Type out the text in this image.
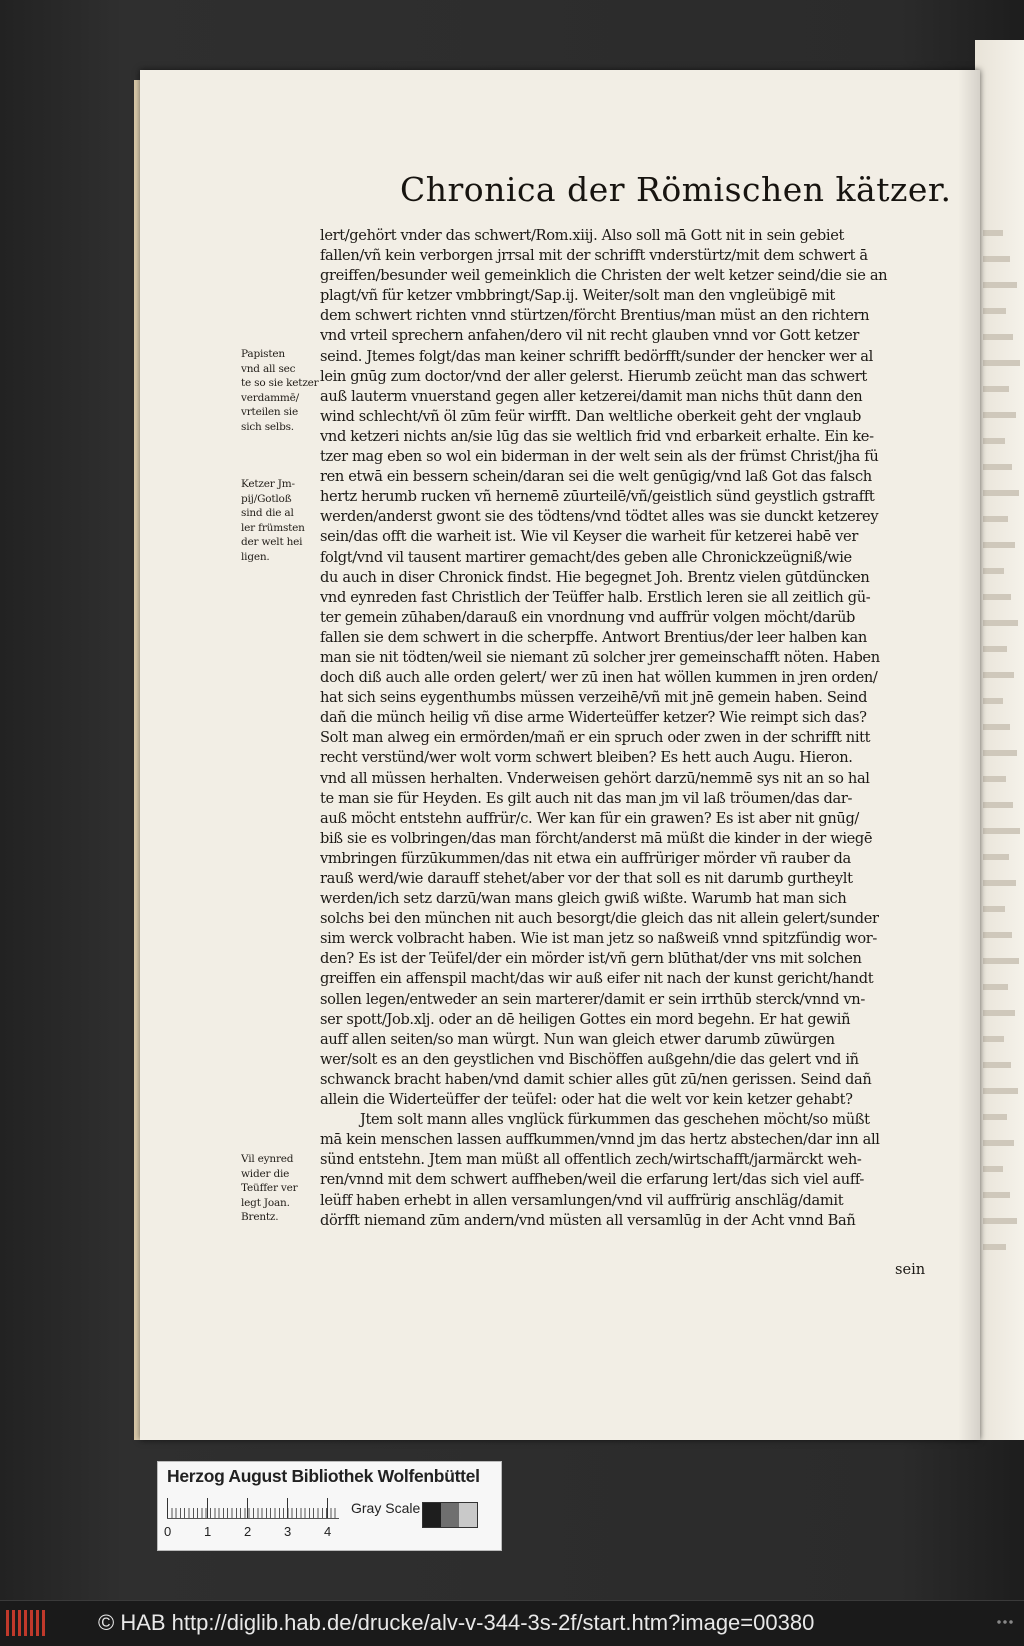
Chronica der Römischen kätzer.
Papisten
vnd all sec
te so sie ketzer
verdammē/
vrteilen sie
sich selbs.
Ketzer Jm-
pij/Gotloß
sind die al
ler frümsten
der welt hei
ligen.
Vil eynred
wider die
Teüffer ver
legt Joan.
Brentz.
lert/gehört vnder das schwert/Rom.xiij. Also soll mā Gott nit in sein gebiet
fallen/vñ kein verborgen jrrsal mit der schrifft vnderstürtz/mit dem schwert ā
greiffen/besunder weil gemeinklich die Christen der welt ketzer seind/die sie an
plagt/vñ für ketzer vmbbringt/Sap.ij. Weiter/solt man den vngleübigē mit
dem schwert richten vnnd stürtzen/förcht Brentius/man müst an den richtern
vnd vrteil sprechern anfahen/dero vil nit recht glauben vnnd vor Gott ketzer
seind. Jtemes folgt/das man keiner schrifft bedörfft/sunder der hencker wer al
lein gnūg zum doctor/vnd der aller gelerst. Hierumb zeücht man das schwert
auß lauterm vnuerstand gegen aller ketzerei/damit man nichs thūt dann den
wind schlecht/vñ öl zūm feür wirfft. Dan weltliche oberkeit geht der vnglaub
vnd ketzeri nichts an/sie lūg das sie weltlich frid vnd erbarkeit erhalte. Ein ke-
tzer mag eben so wol ein biderman in der welt sein als der frümst Christ/jha fü
ren etwā ein bessern schein/daran sei die welt genūgig/vnd laß Got das falsch
hertz herumb rucken vñ hernemē zūurteilē/vñ/geistlich sünd geystlich gstrafft
werden/anderst gwont sie des tödtens/vnd tödtet alles was sie dunckt ketzerey
sein/das offt die warheit ist. Wie vil Keyser die warheit für ketzerei habē ver
folgt/vnd vil tausent martirer gemacht/des geben alle Chronickzeügniß/wie
du auch in diser Chronick findst. Hie begegnet Joh. Brentz vielen gūtdüncken
vnd eynreden fast Christlich der Teüffer halb. Erstlich leren sie all zeitlich gü-
ter gemein zūhaben/darauß ein vnordnung vnd auffrür volgen möcht/darüb
fallen sie dem schwert in die scherpffe. Antwort Brentius/der leer halben kan
man sie nit tödten/weil sie niemant zū solcher jrer gemeinschafft nöten. Haben
doch diß auch alle orden gelert/ wer zū inen hat wöllen kummen in jren orden/
hat sich seins eygenthumbs müssen verzeihē/vñ mit jnē gemein haben. Seind
dañ die münch heilig vñ dise arme Widerteüffer ketzer? Wie reimpt sich das?
Solt man alweg ein ermörden/mañ er ein spruch oder zwen in der schrifft nitt
recht verstünd/wer wolt vorm schwert bleiben? Es hett auch Augu. Hieron.
vnd all müssen herhalten. Vnderweisen gehört darzū/nemmē sys nit an so hal
te man sie für Heyden. Es gilt auch nit das man jm vil laß tröumen/das dar-
auß möcht entstehn auffrür/c. Wer kan für ein grawen? Es ist aber nit gnūg/
biß sie es volbringen/das man förcht/anderst mā müßt die kinder in der wiegē
vmbringen fürzūkummen/das nit etwa ein auffrüriger mörder vñ rauber da
rauß werd/wie darauff stehet/aber vor der that soll es nit darumb gurtheylt
werden/ich setz darzū/wan mans gleich gwiß wißte. Warumb hat man sich
solchs bei den münchen nit auch besorgt/die gleich das nit allein gelert/sunder
sim werck volbracht haben. Wie ist man jetz so naßweiß vnnd spitzfündig wor-
den? Es ist der Teüfel/der ein mörder ist/vñ gern blūthat/der vns mit solchen
greiffen ein affenspil macht/das wir auß eifer nit nach der kunst gericht/handt
sollen legen/entweder an sein marterer/damit er sein irrthūb sterck/vnnd vn-
ser spott/Job.xlj. oder an dē heiligen Gottes ein mord begehn. Er hat gewiñ
auff allen seiten/so man würgt. Nun wan gleich etwer darumb zūwürgen
wer/solt es an den geystlichen vnd Bischöffen außgehn/die das gelert vnd iñ
schwanck bracht haben/vnd damit schier alles gūt zū/nen gerissen. Seind dañ
allein die Widerteüffer der teüfel: oder hat die welt vor kein ketzer gehabt?
Jtem solt mann alles vnglück fürkummen das geschehen möcht/so müßt
mā kein menschen lassen auffkummen/vnnd jm das hertz abstechen/dar inn all
sünd entstehn. Jtem man müßt all offentlich zech/wirtschafft/jarmärckt weh-
ren/vnnd mit dem schwert auffheben/weil die erfarung lert/das sich viel auff-
leüff haben erhebt in allen versamlungen/vnd vil auffrürig anschläg/damit
dörfft niemand zūm andern/vnd müsten all versamlūg in der Acht vnnd Bañ
sein
Herzog August Bibliothek Wolfenbüttel
0	1	2	3	4
Gray Scale
© HAB http://diglib.hab.de/drucke/alv-v-344-3s-2f/start.htm?image=00380
